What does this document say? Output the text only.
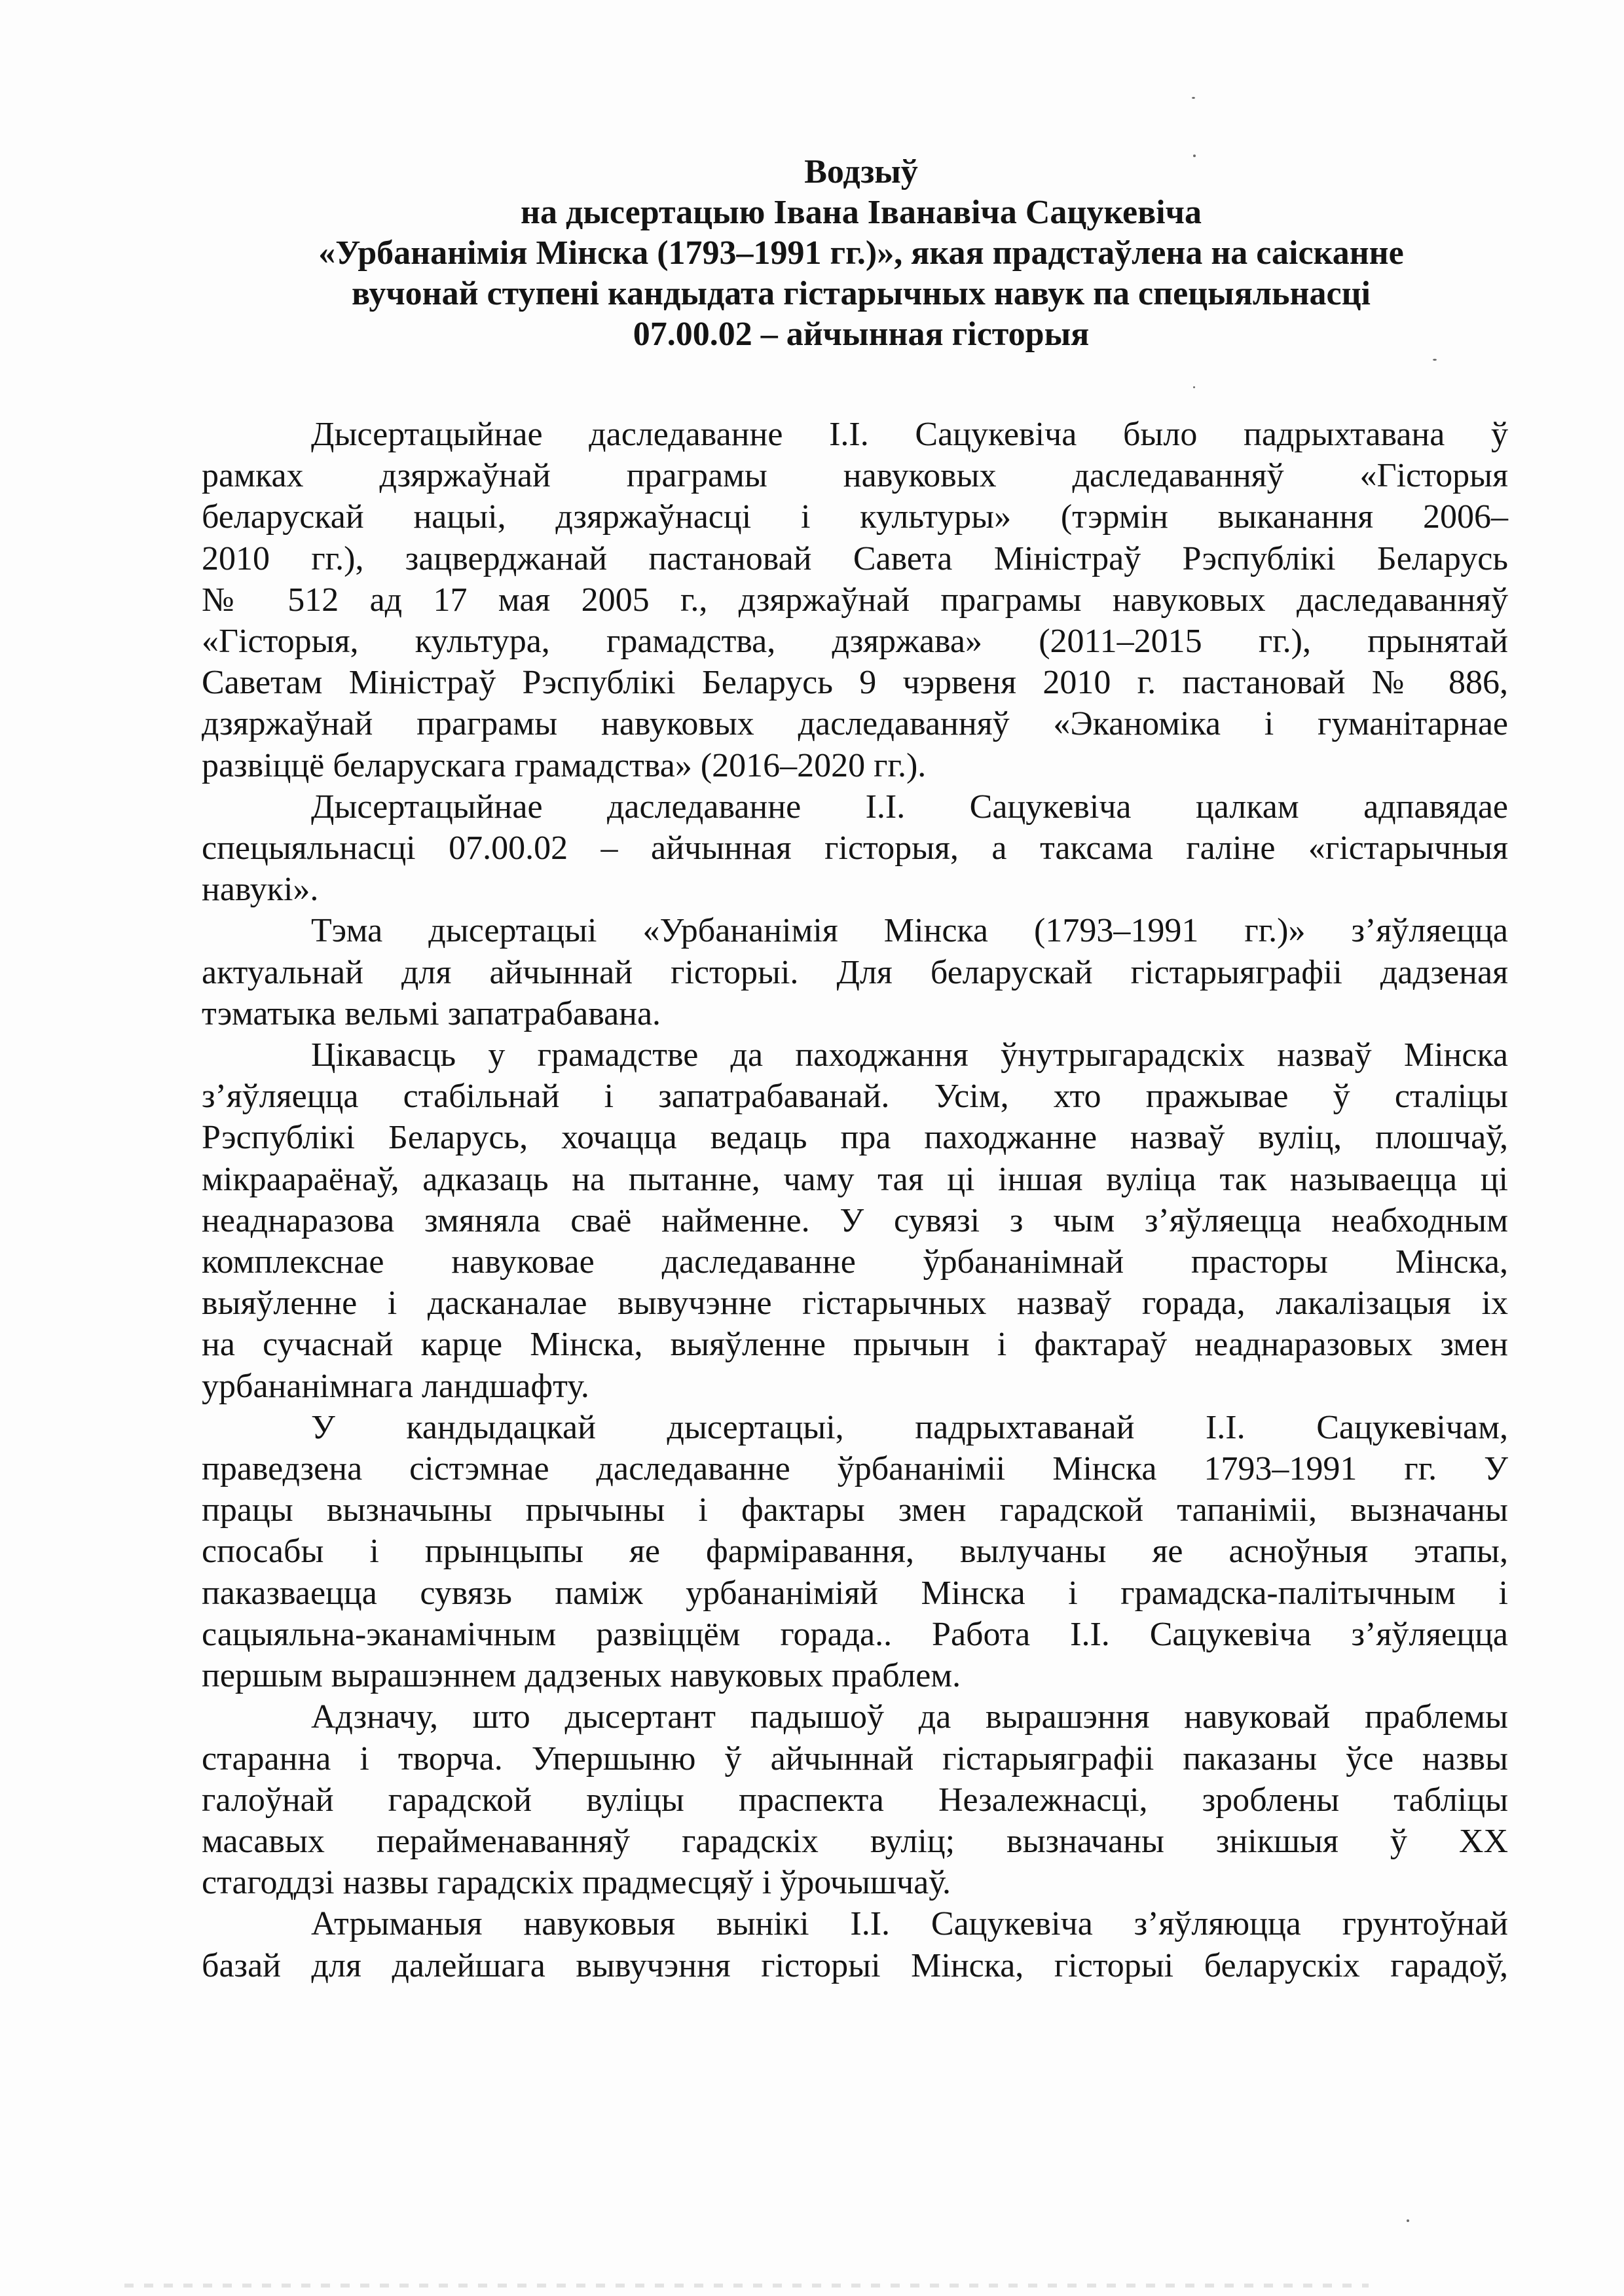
Водзыў
на дысертацыю Івана Іванавіча Сацукевіча
«Урбананімія Мінска (1793–1991 гг.)», якая прадстаўлена на саісканне
вучонай ступені кандыдата гістарычных навук па спецыяльнасці
07.00.02 – айчынная гісторыя
Дысертацыйнае даследаванне І.І. Сацукевіча было падрыхтавана ў
рамках дзяржаўнай праграмы навуковых даследаванняў «Гісторыя
беларускай нацыі, дзяржаўнасці і культуры» (тэрмін выканання 2006–
2010 гг.), зацверджанай пастановай Савета Міністраў Рэспублікі Беларусь
№ 512 ад 17 мая 2005 г., дзяржаўнай праграмы навуковых даследаванняў
«Гісторыя, культура, грамадства, дзяржава» (2011–2015 гг.), прынятай
Саветам Міністраў Рэспублікі Беларусь 9 чэрвеня 2010 г. пастановай № 886,
дзяржаўнай праграмы навуковых даследаванняў «Эканоміка і гуманітарнае
развіццё беларускага грамадства» (2016–2020 гг.).
Дысертацыйнае даследаванне І.І. Сацукевіча цалкам адпавядае
спецыяльнасці 07.00.02 – айчынная гісторыя, а таксама галіне «гістарычныя
навукі».
Тэма дысертацыі «Урбананімія Мінска (1793–1991 гг.)» з’яўляецца
актуальнай для айчыннай гісторыі. Для беларускай гістарыяграфіі дадзеная
тэматыка вельмі запатрабавана.
Цікавасць у грамадстве да паходжання ўнутрыгарадскіх назваў Мінска
з’яўляецца стабільнай і запатрабаванай. Усім, хто пражывае ў сталіцы
Рэспублікі Беларусь, хочацца ведаць пра паходжанне назваў вуліц, плошчаў,
мікраараёнаў, адказаць на пытанне, чаму тая ці іншая вуліца так называецца ці
неаднаразова змяняла сваё найменне. У сувязі з чым з’яўляецца неабходным
комплекснае навуковае даследаванне ўрбананімнай прасторы Мінска,
выяўленне і дасканалае вывучэнне гістарычных назваў горада, лакалізацыя іх
на сучаснай карце Мінска, выяўленне прычын і фактараў неаднаразовых змен
урбананімнага ландшафту.
У кандыдацкай дысертацыі, падрыхтаванай І.І. Сацукевічам,
праведзена сістэмнае даследаванне ўрбананіміі Мінска 1793–1991 гг. У
працы вызначыны прычыны і фактары змен гарадской тапаніміі, вызначаны
спосабы і прынцыпы яе фарміравання, вылучаны яе асноўныя этапы,
паказваецца сувязь паміж урбананіміяй Мінска і грамадска-палітычным і
сацыяльна-эканамічным развіццём горада.. Работа І.І. Сацукевіча з’яўляецца
першым вырашэннем дадзеных навуковых праблем.
Адзначу, што дысертант падышоў да вырашэння навуковай праблемы
старанна і творча. Упершыню ў айчыннай гістарыяграфіі паказаны ўсе назвы
галоўнай гарадской вуліцы праспекта Незалежнасці, зроблены табліцы
масавых перайменаванняў гарадскіх вуліц; вызначаны знікшыя ў ХХ
стагоддзі назвы гарадскіх прадмесцяў і ўрочышчаў.
Атрыманыя навуковыя вынікі І.І. Сацукевіча з’яўляюцца грунтоўнай
базай для далейшага вывучэння гісторыі Мінска, гісторыі беларускіх гарадоў,
